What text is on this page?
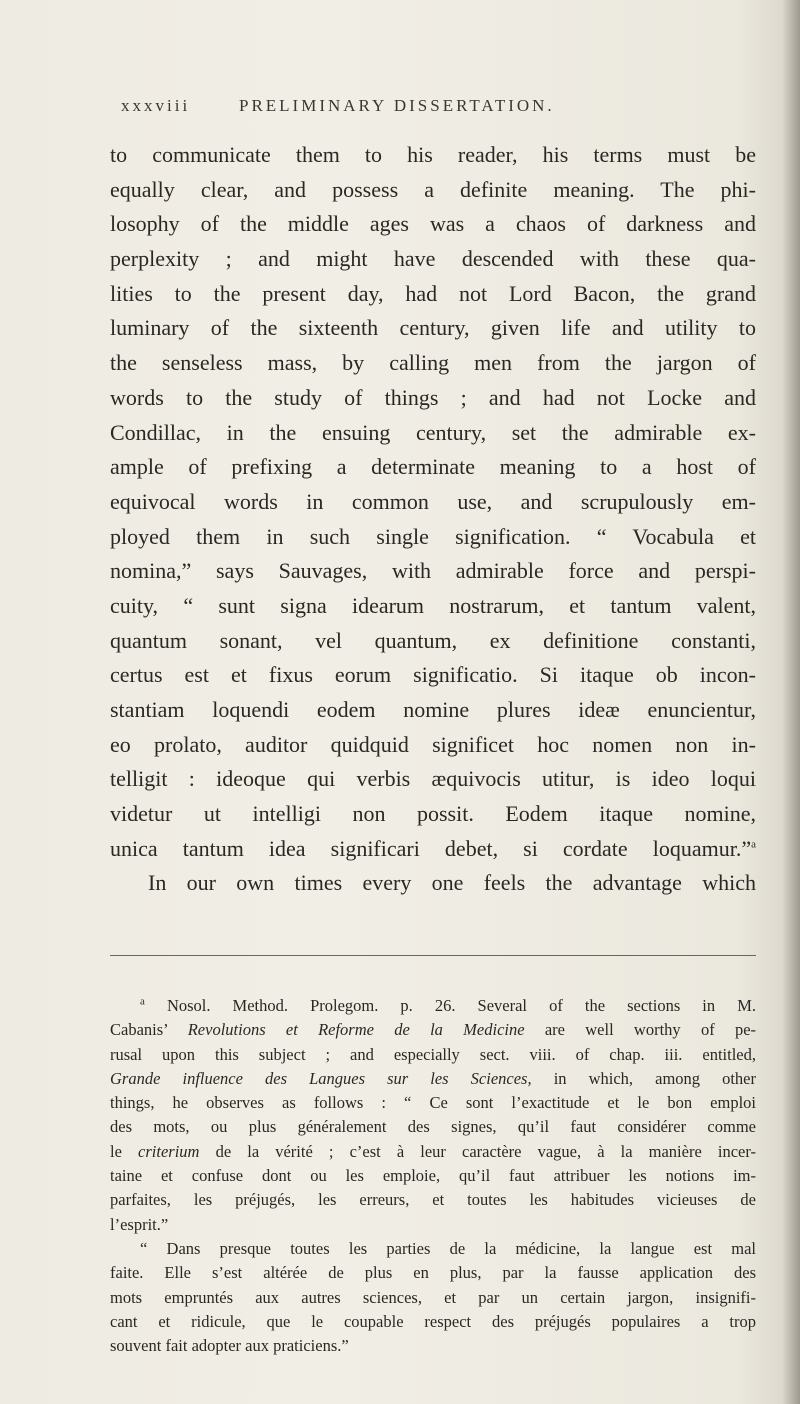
xxxviii	PRELIMINARY DISSERTATION.
to communicate them to his reader, his terms must be
equally clear, and possess a definite meaning. The phi-
losophy of the middle ages was a chaos of darkness and
perplexity ; and might have descended with these qua-
lities to the present day, had not Lord Bacon, the grand
luminary of the sixteenth century, given life and utility to
the senseless mass, by calling men from the jargon of
words to the study of things ; and had not Locke and
Condillac, in the ensuing century, set the admirable ex-
ample of prefixing a determinate meaning to a host of
equivocal words in common use, and scrupulously em-
ployed them in such single signification. “ Vocabula et
nomina,” says Sauvages, with admirable force and perspi-
cuity, “ sunt signa idearum nostrarum, et tantum valent,
quantum sonant, vel quantum, ex definitione constanti,
certus est et fixus eorum significatio. Si itaque ob incon-
stantiam loquendi eodem nomine plures ideæ enuncientur,
eo prolato, auditor quidquid significet hoc nomen non in-
telligit : ideoque qui verbis æquivocis utitur, is ideo loqui
videtur ut intelligi non possit. Eodem itaque nomine,
unica tantum idea significari debet, si cordate loquamur.”$^a$
In our own times every one feels the advantage which
$^a$ Nosol. Method. Prolegom. p. 26. Several of the sections in M.
Cabanis’ Revolutions et Reforme de la Medicine are well worthy of pe-
rusal upon this subject ; and especially sect. viii. of chap. iii. entitled,
Grande influence des Langues sur les Sciences, in which, among other
things, he observes as follows : “ Ce sont l’exactitude et le bon emploi
des mots, ou plus généralement des signes, qu’il faut considérer comme
le criterium de la vérité ; c’est à leur caractère vague, à la manière incer-
taine et confuse dont ou les emploie, qu’il faut attribuer les notions im-
parfaites, les préjugés, les erreurs, et toutes les habitudes vicieuses de
l’esprit.”
“ Dans presque toutes les parties de la médicine, la langue est mal
faite. Elle s’est altérée de plus en plus, par la fausse application des
mots empruntés aux autres sciences, et par un certain jargon, insignifi-
cant et ridicule, que le coupable respect des préjugés populaires a trop
souvent fait adopter aux praticiens.”
